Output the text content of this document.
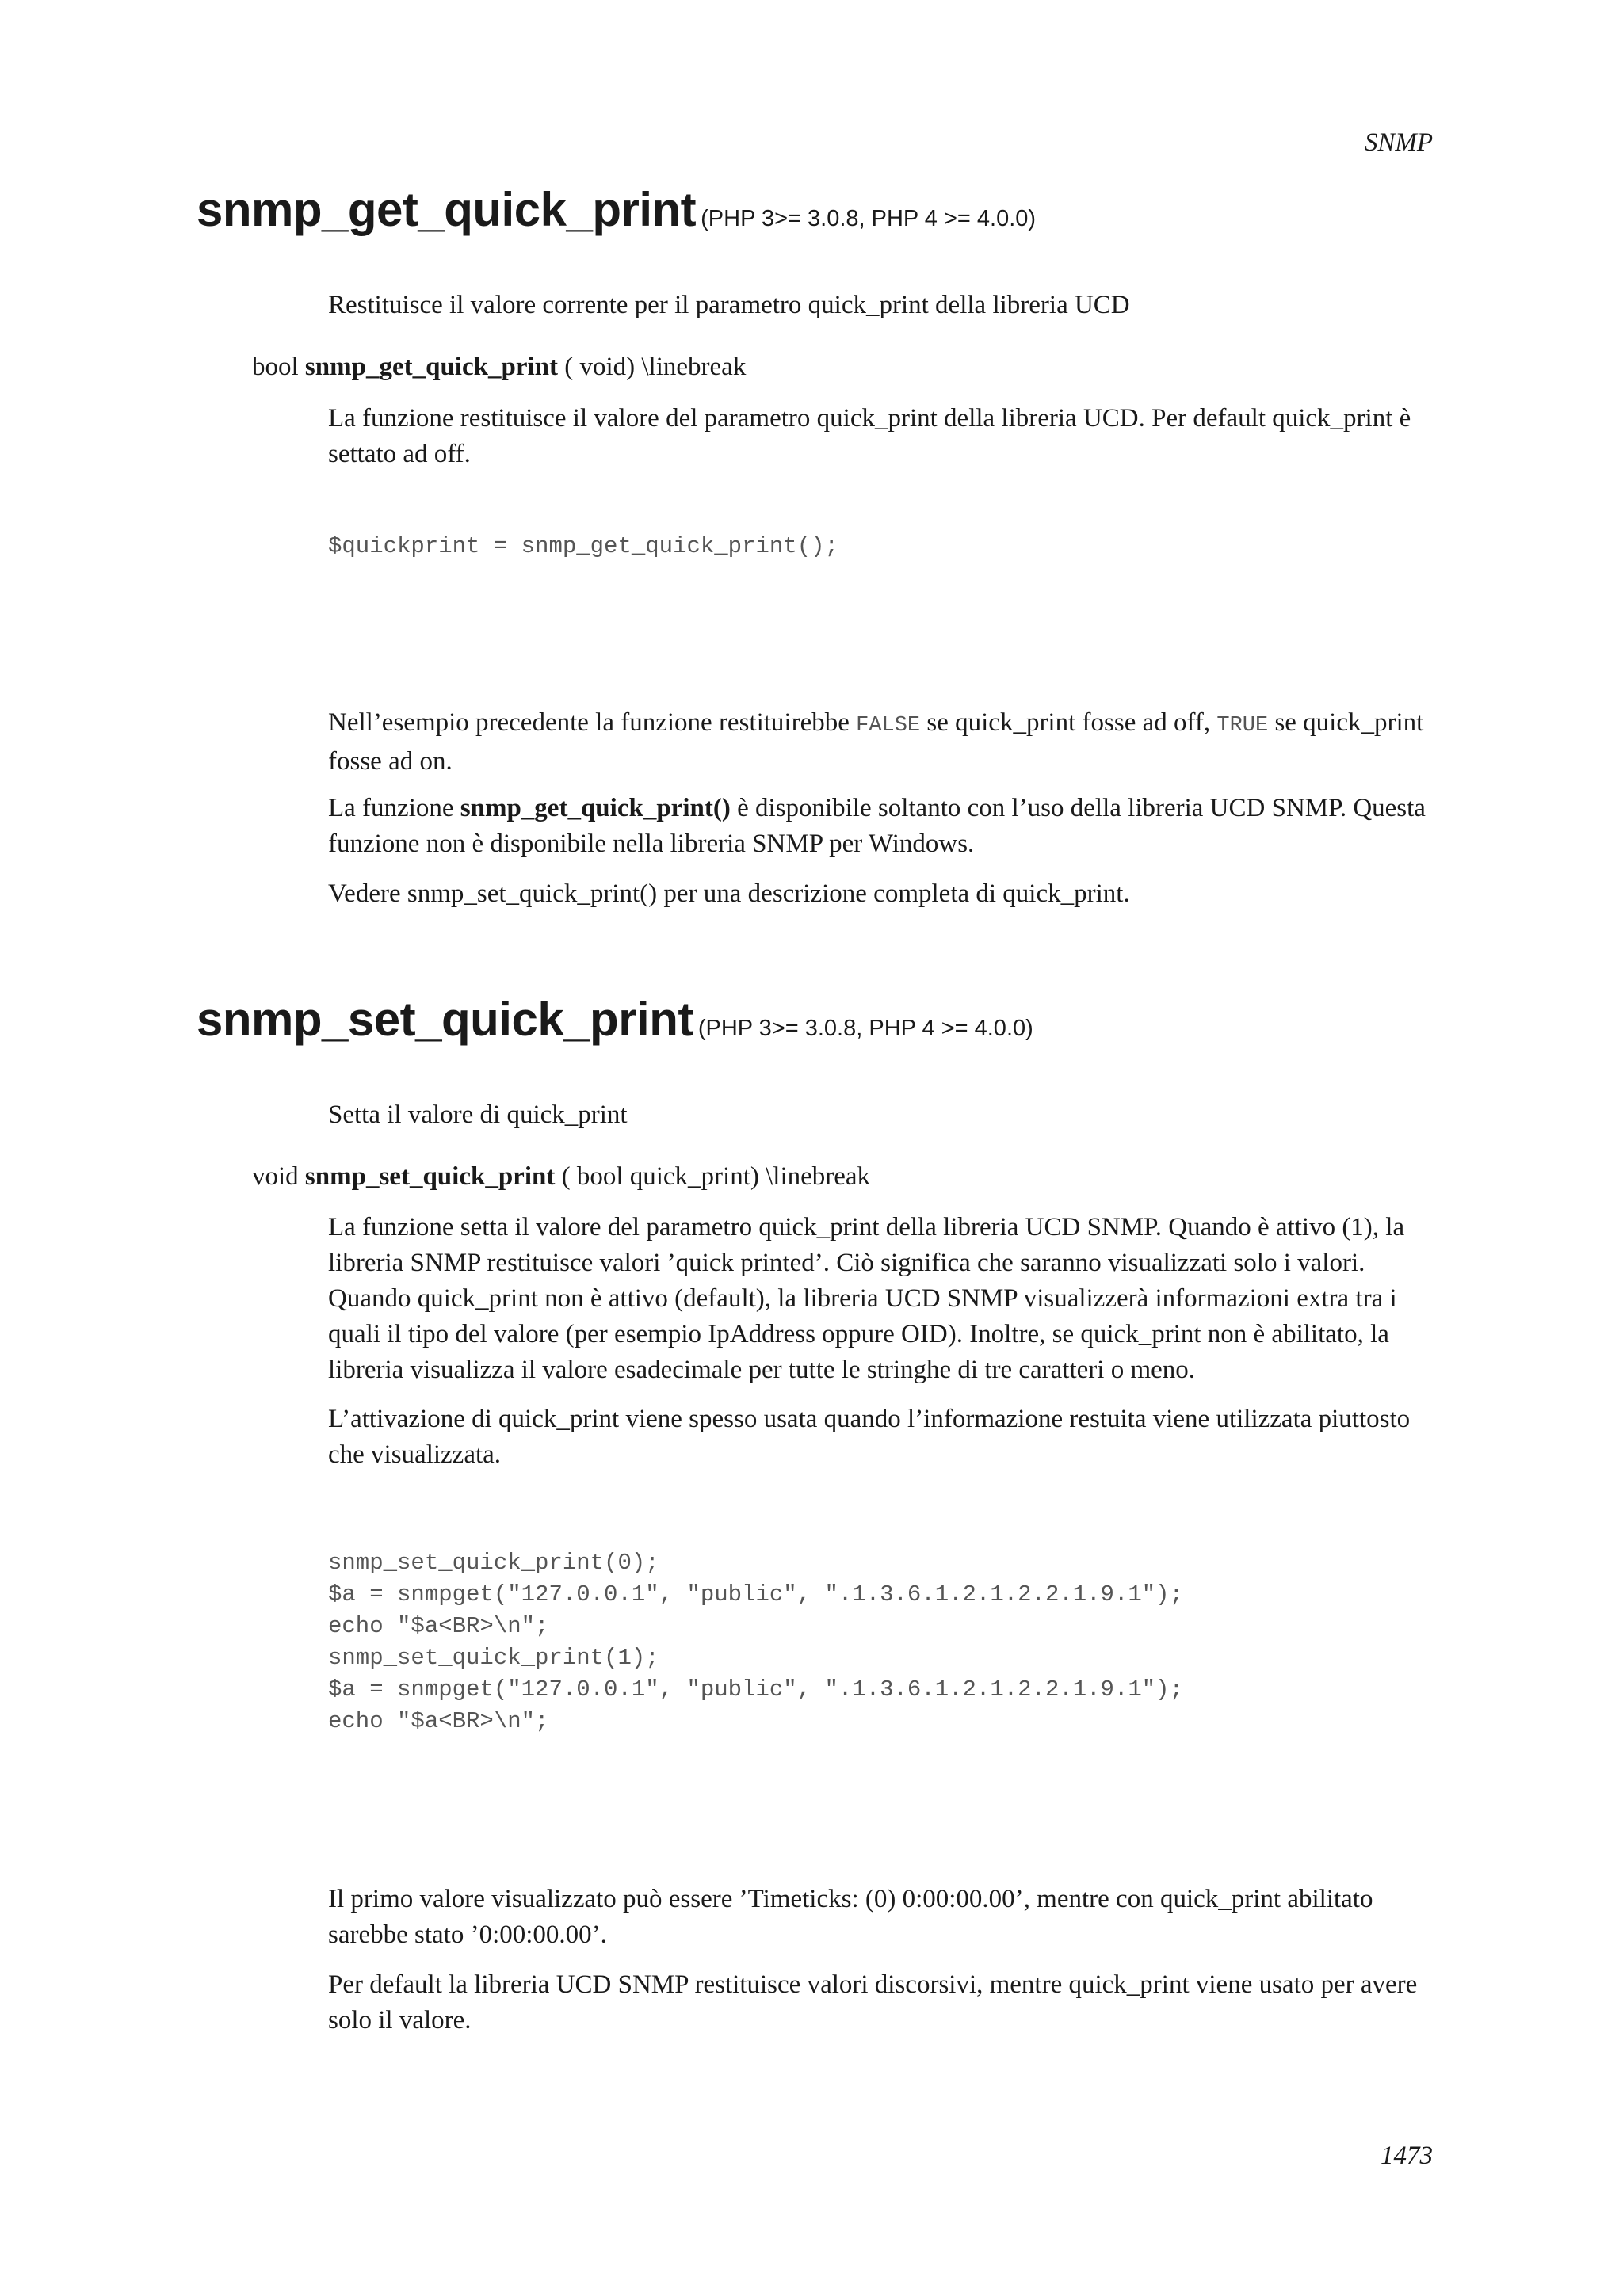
SNMP
snmp_get_quick_print (PHP 3>= 3.0.8, PHP 4 >= 4.0.0)

Restituisce il valore corrente per il parametro quick_print della libreria UCD

bool snmp_get_quick_print ( void) \linebreak

La funzione restituisce il valore del parametro quick_print della libreria UCD. Per default quick_print è settato ad off.

$quickprint = snmp_get_quick_print();

Nell’esempio precedente la funzione restituirebbe FALSE se quick_print fosse ad off, TRUE se quick_print fosse ad on.

La funzione snmp_get_quick_print() è disponibile soltanto con l’uso della libreria UCD SNMP. Questa funzione non è disponibile nella libreria SNMP per Windows.

Vedere snmp_set_quick_print() per una descrizione completa di quick_print.

snmp_set_quick_print (PHP 3>= 3.0.8, PHP 4 >= 4.0.0)

Setta il valore di quick_print

void snmp_set_quick_print ( bool quick_print) \linebreak

La funzione setta il valore del parametro quick_print della libreria UCD SNMP. Quando è attivo (1), la libreria SNMP restituisce valori ’quick printed’. Ciò significa che saranno visualizzati solo i valori. Quando quick_print non è attivo (default), la libreria UCD SNMP visualizzerà informazioni extra tra i quali il tipo del valore (per esempio IpAddress oppure OID). Inoltre, se quick_print non è abilitato, la libreria visualizza il valore esadecimale per tutte le stringhe di tre caratteri o meno.

L’attivazione di quick_print viene spesso usata quando l’informazione restuita viene utilizzata piuttosto che visualizzata.

snmp_set_quick_print(0);
$a = snmpget("127.0.0.1", "public", ".1.3.6.1.2.1.2.2.1.9.1");
echo "$a<BR>\n";
snmp_set_quick_print(1);
$a = snmpget("127.0.0.1", "public", ".1.3.6.1.2.1.2.2.1.9.1");
echo "$a<BR>\n";

Il primo valore visualizzato può essere ’Timeticks: (0) 0:00:00.00’, mentre con quick_print abilitato sarebbe stato ’0:00:00.00’.

Per default la libreria UCD SNMP restituisce valori discorsivi, mentre quick_print viene usato per avere solo il valore.

1473
